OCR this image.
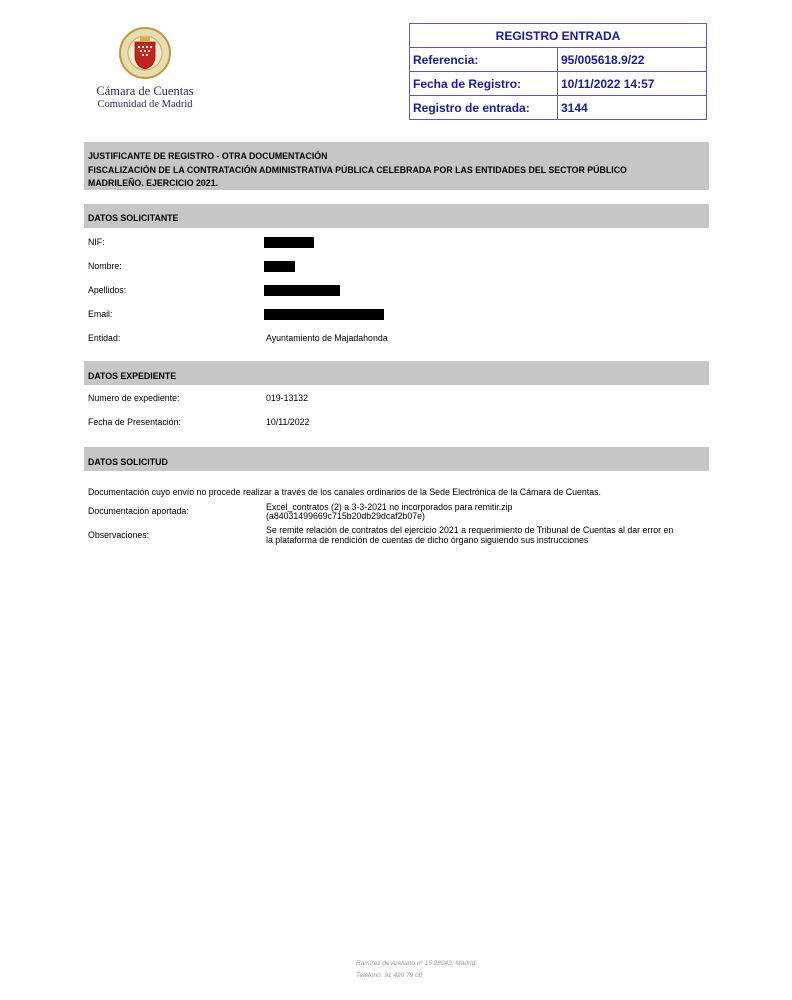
Cámara de Cuentas
Comunidad de Madrid
REGISTRO ENTRADA	
Referencia:	95/005618.9/22
Fecha de Registro:	10/11/2022 14:57
Registro de entrada:	3144
JUSTIFICANTE DE REGISTRO - OTRA DOCUMENTACIÓN
FISCALIZACIÓN DE LA CONTRATACIÓN ADMINISTRATIVA PÚBLICA CELEBRADA POR LAS ENTIDADES DEL SECTOR PÚBLICO
MADRILEÑO. EJERCICIO 2021.
DATOS SOLICITANTE
NIF:
Nombre:
Apellidos:
Email:
Entidad:	Ayuntamiento de Majadahonda
DATOS EXPEDIENTE
Numero de expediente:	019-13132
Fecha de Presentación:	10/11/2022
DATOS SOLICITUD
Documentación cuyo envío no procede realizar a través de los canales ordinarios de la Sede Electrónica de la Cámara de Cuentas.
Documentación aportada:	Excel_contratos (2) a 3-3-2021 no incorporados para remitir.zip
(a84031499669c715b20db29dcaf2b07e)
Observaciones:	Se remite relación de contratos del ejercicio 2021 a requerimiento de Tribunal de Cuentas al dar error en
la plataforma de rendición de cuentas de dicho órgano siguiendo sus instrucciones
Ramírez de Arellano nº 15 28043, Madrid
Teléfono: 91 420 79 00
